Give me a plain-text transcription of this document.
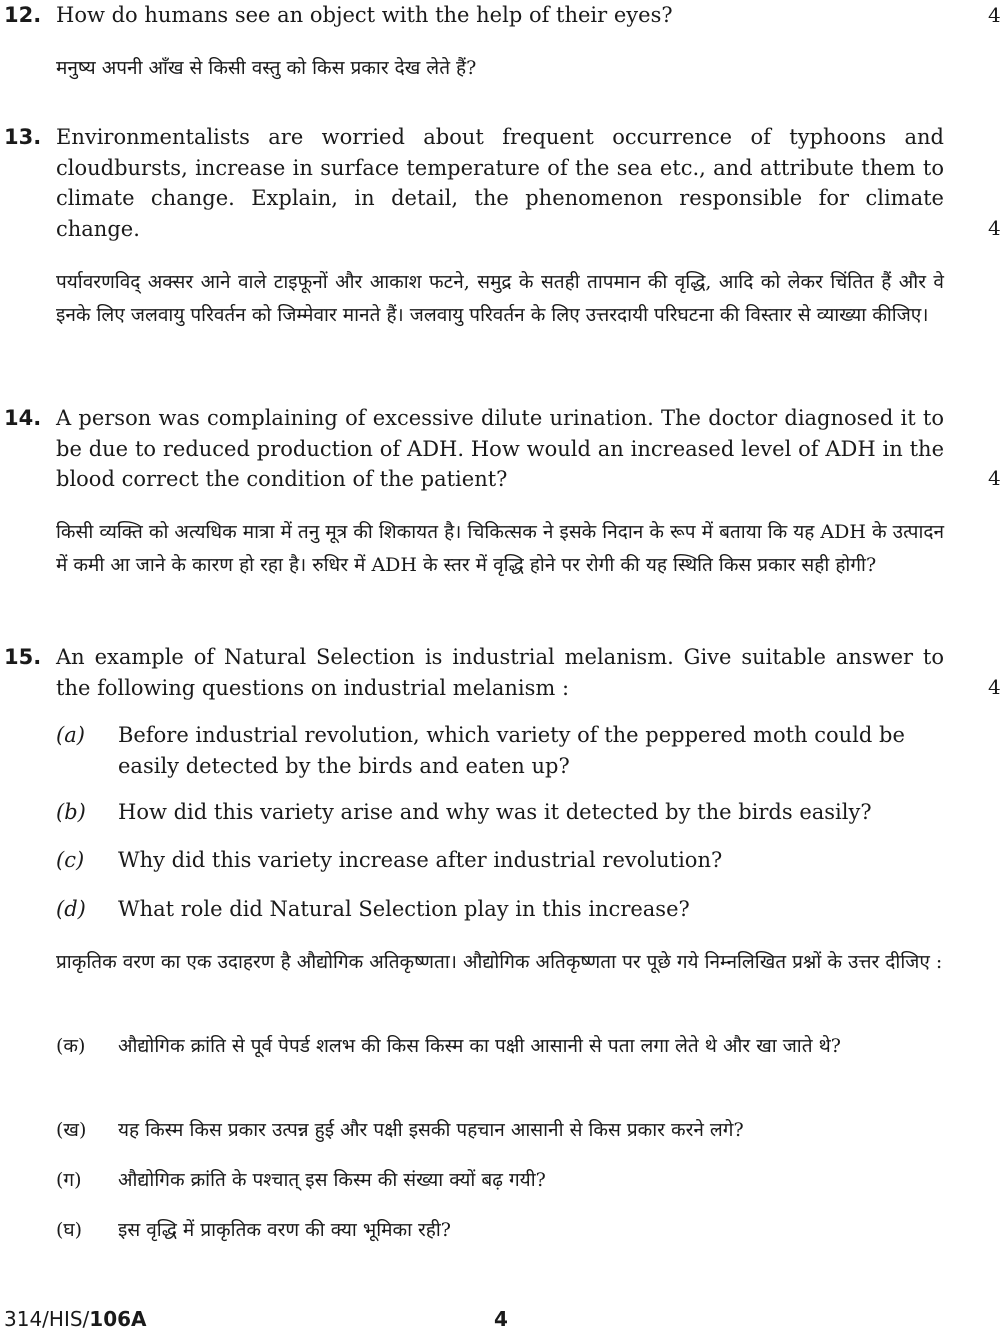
12. How do humans see an object with the help of their eyes?	4

मनुष्य अपनी आँख से किसी वस्तु को किस प्रकार देख लेते हैं?

13. Environmentalists are worried about frequent occurrence of typhoons and cloudbursts, increase in surface temperature of the sea etc., and attribute them to climate change. Explain, in detail, the phenomenon responsible for climate change.	4

पर्यावरणविद् अक्सर आने वाले टाइफूनों और आकाश फटने, समुद्र के सतही तापमान की वृद्धि, आदि को लेकर चिंतित हैं और वे इनके लिए जलवायु परिवर्तन को जिम्मेवार मानते हैं। जलवायु परिवर्तन के लिए उत्तरदायी परिघटना की विस्तार से व्याख्या कीजिए।

14. A person was complaining of excessive dilute urination. The doctor diagnosed it to be due to reduced production of ADH. How would an increased level of ADH in the blood correct the condition of the patient?	4

किसी व्यक्ति को अत्यधिक मात्रा में तनु मूत्र की शिकायत है। चिकित्सक ने इसके निदान के रूप में बताया कि यह ADH के उत्पादन में कमी आ जाने के कारण हो रहा है। रुधिर में ADH के स्तर में वृद्धि होने पर रोगी की यह स्थिति किस प्रकार सही होगी?

15. An example of Natural Selection is industrial melanism. Give suitable answer to the following questions on industrial melanism :	4
(a) Before industrial revolution, which variety of the peppered moth could be easily detected by the birds and eaten up?

(b) How did this variety arise and why was it detected by the birds easily?

(c) Why did this variety increase after industrial revolution?

(d) What role did Natural Selection play in this increase?

प्राकृतिक वरण का एक उदाहरण है औद्योगिक अतिकृष्णता। औद्योगिक अतिकृष्णता पर पूछे गये निम्नलिखित प्रश्नों के उत्तर दीजिए :

(क) औद्योगिक क्रांति से पूर्व पेपर्ड शलभ की किस किस्म का पक्षी आसानी से पता लगा लेते थे और खा जाते थे?

(ख) यह किस्म किस प्रकार उत्पन्न हुई और पक्षी इसकी पहचान आसानी से किस प्रकार करने लगे?

(ग) औद्योगिक क्रांति के पश्चात् इस किस्म की संख्या क्यों बढ़ गयी?

(घ) इस वृद्धि में प्राकृतिक वरण की क्या भूमिका रही?

314/HIS/106A	4
